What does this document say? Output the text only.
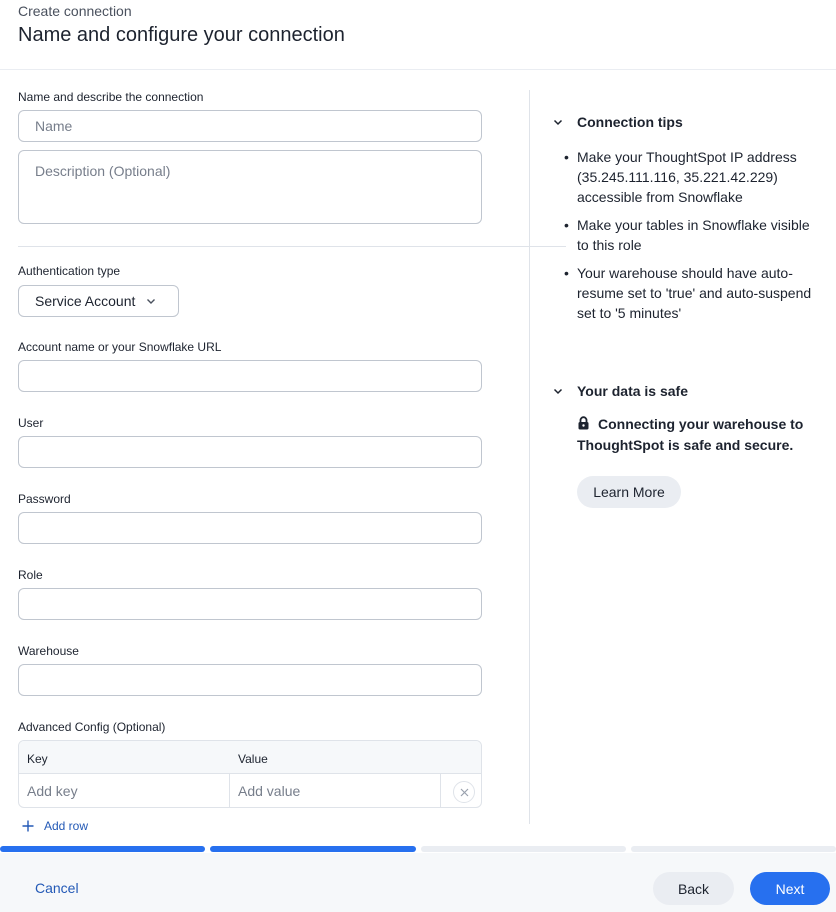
Create connection
Name and configure your connection
Name and describe the connection
Name
Description (Optional)
Authentication type
Service Account
Account name or your Snowflake URL
User
Password
Role
Warehouse
Advanced Config (Optional)
Key	Value
Add key	Add value
Add row
Connection tips
• Make your ThoughtSpot IP address (35.245.111.116, 35.221.42.229) accessible from Snowflake
• Make your tables in Snowflake visible to this role
• Your warehouse should have auto-resume set to 'true' and auto-suspend set to '5 minutes'
Your data is safe
Connecting your warehouse to ThoughtSpot is safe and secure.
Learn More
Cancel	Back	Next
